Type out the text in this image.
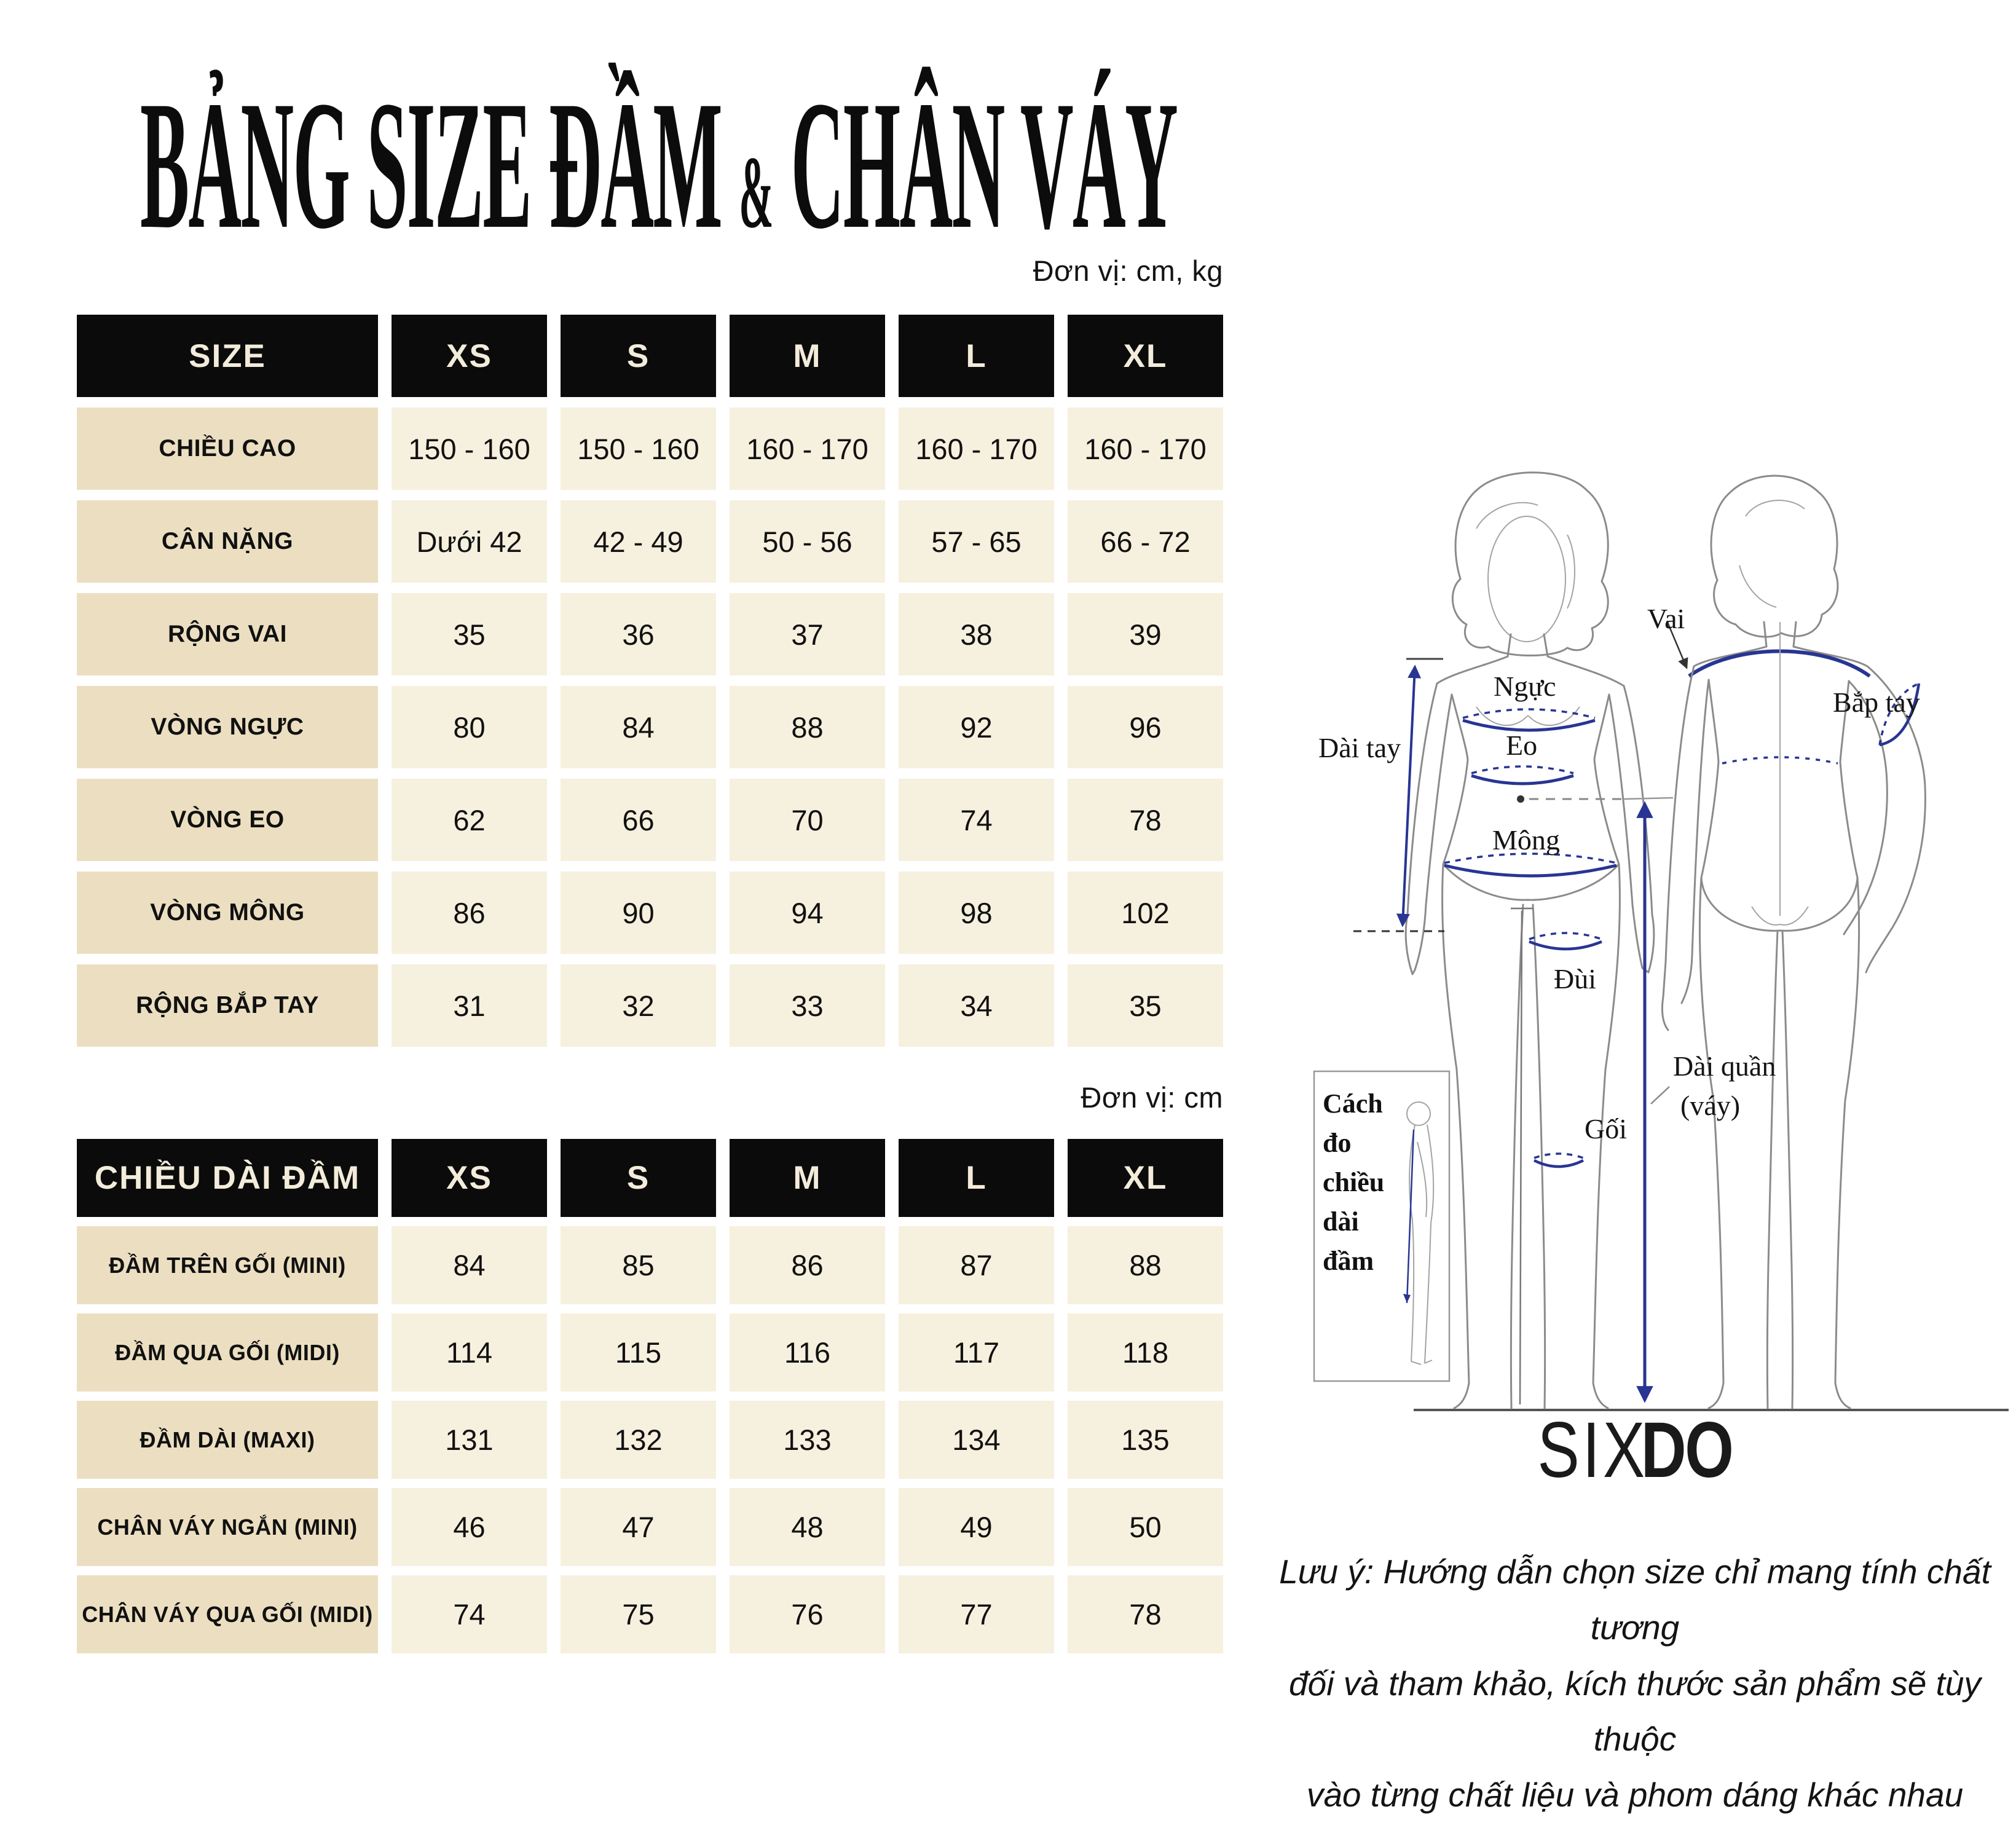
BẢNG SIZE ĐẦM & CHÂN VÁY
Đơn vị: cm, kg
Đơn vị: cm
SIZE	XS	S	M	L	XL
CHIỀU CAO	150 - 160	150 - 160	160 - 170	160 - 170	160 - 170
CÂN NẶNG	Dưới 42	42 - 49	50 - 56	57 - 65	66 - 72
RỘNG VAI	35	36	37	38	39
VÒNG NGỰC	80	84	88	92	96
VÒNG EO	62	66	70	74	78
VÒNG MÔNG	86	90	94	98	102
RỘNG BẮP TAY	31	32	33	34	35
CHIỀU DÀI ĐẦM	XS	S	M	L	XL
ĐẦM TRÊN GỐI (MINI)	84	85	86	87	88
ĐẦM QUA GỐI (MIDI)	114	115	116	117	118
ĐẦM DÀI (MAXI)	131	132	133	134	135
CHÂN VÁY NGẮN (MINI)	46	47	48	49	50
CHÂN VÁY QUA GỐI (MIDI)	74	75	76	77	78
Dài tay
Ngực
Eo
Mông
Đùi
Gối
Vai
Bắp tay
Dài quần
(váy)
Cách
đo
chiều
dài
đầm
SIXDO
Lưu ý: Hướng dẫn chọn size chỉ mang tính chất tương
đối và tham khảo, kích thước sản phẩm sẽ tùy thuộc
vào từng chất liệu và phom dáng khác nhau
